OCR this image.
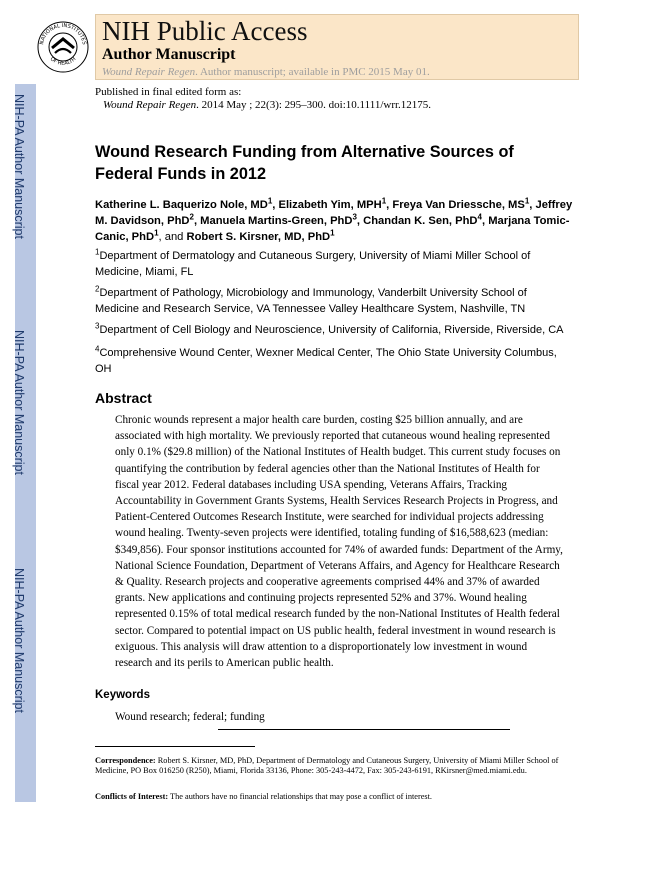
NIH-PA Author Manuscript
NIH-PA Author Manuscript
NIH-PA Author Manuscript
NATIONAL INSTITUTES
OF HEALTH
NIH Public Access
Author Manuscript
Wound Repair Regen. Author manuscript; available in PMC 2015 May 01.
Published in final edited form as:
Wound Repair Regen. 2014 May ; 22(3): 295–300. doi:10.1111/wrr.12175.
Wound Research Funding from Alternative Sources of Federal Funds in 2012
Katherine L. Baquerizo Nole, $MD^1$, Elizabeth Yim, MPH$^1$, Freya Van Driessche, $MS^1$, Jeffrey M. Davidson, PhD$^2$, Manuela Martins-Green, PhD$^3$, Chandan K. Sen, PhD$^4$, Marjana Tomic-Canic, PhD$^1$, and Robert S. Kirsner, MD, PhD$^1$
$^1$Department of Dermatology and Cutaneous Surgery, University of Miami Miller School of Medicine, Miami, FL
$^2$Department of Pathology, Microbiology and Immunology, Vanderbilt University School of Medicine and Research Service, VA Tennessee Valley Healthcare System, Nashville, TN
$^3$Department of Cell Biology and Neuroscience, University of California, Riverside, Riverside, CA
$^4$Comprehensive Wound Center, Wexner Medical Center, The Ohio State University Columbus, OH
Abstract
Chronic wounds represent a major health care burden, costing $25 billion annually, and are associated with high mortality. We previously reported that cutaneous wound healing represented only 0.1% ($29.8 million) of the National Institutes of Health budget. This current study focuses on quantifying the contribution by federal agencies other than the National Institutes of Health for fiscal year 2012. Federal databases including USA spending, Veterans Affairs, Tracking Accountability in Government Grants Systems, Health Services Research Projects in Progress, and Patient-Centered Outcomes Research Institute, were searched for individual projects addressing wound healing. Twenty-seven projects were identified, totaling funding of $16,588,623 (median: $349,856). Four sponsor institutions accounted for 74% of awarded funds: Department of the Army, National Science Foundation, Department of Veterans Affairs, and Agency for Healthcare Research & Quality. Research projects and cooperative agreements comprised 44% and 37% of awarded grants. New applications and continuing projects represented 52% and 37%. Wound healing represented 0.15% of total medical research funded by the non-National Institutes of Health federal sector. Compared to potential impact on US public health, federal investment in wound research is exiguous. This analysis will draw attention to a disproportionately low investment in wound research and its perils to American public health.
Keywords
Wound research; federal; funding
Correspondence: Robert S. Kirsner, MD, PhD, Department of Dermatology and Cutaneous Surgery, University of Miami Miller School of Medicine, PO Box 016250 (R250), Miami, Florida 33136, Phone: 305-243-4472, Fax: 305-243-6191, RKirsner@med.miami.edu.
Conflicts of Interest: The authors have no financial relationships that may pose a conflict of interest.
